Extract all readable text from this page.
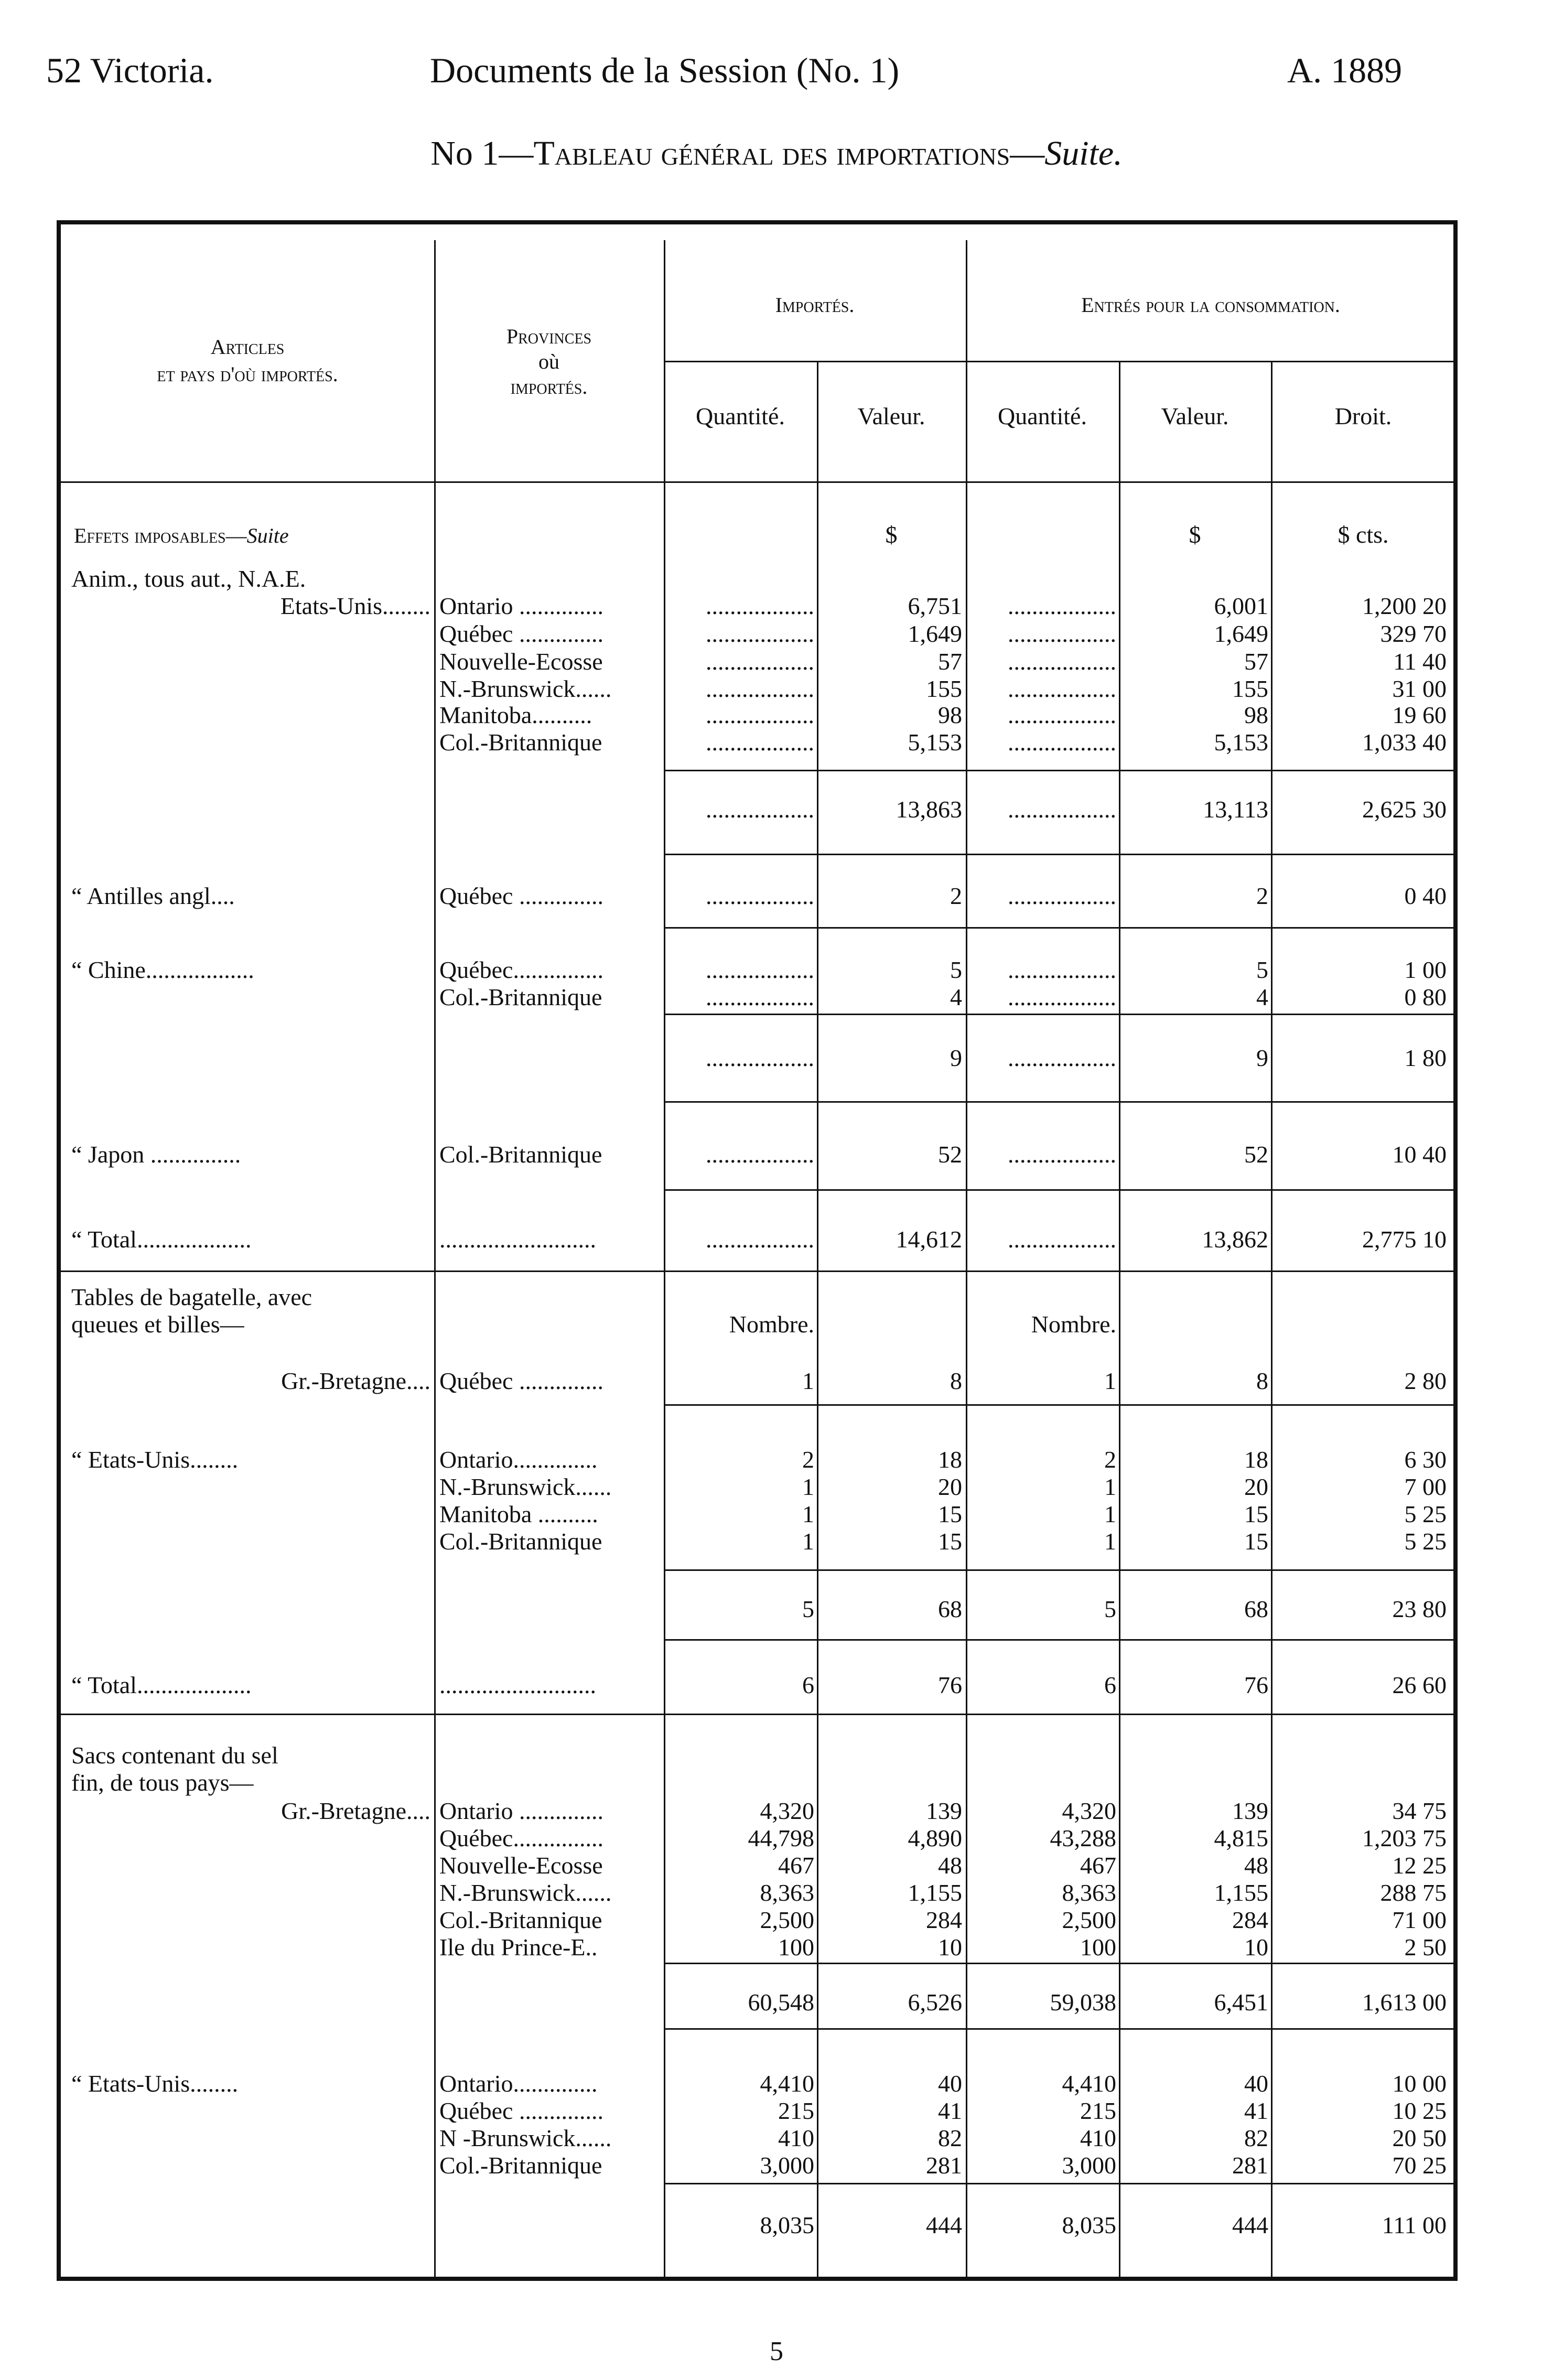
52 Victoria.	Documents de la Session (No. 1)	A. 1889
No 1—Tableau général des importations—Suite.
Articles
et pays d'où importés.
Provinces
où
importés.
Importés.	Entrés pour la consommation.
Quantité.	Valeur.	Quantité.	Valeur.	Droit.
Effets imposables—Suite	$	$	$ cts.
Anim., tous aut., N.A.E.
Etats-Unis........ Ontario ..............	..................	6,751	..................	6,001	1,200 20
Québec ..............	..................	1,649	..................	1,649	329 70
Nouvelle-Ecosse	..................	57	..................	57	11 40
N.-Brunswick......	..................	155	..................	155	31 00
Manitoba..........	..................	98	..................	98	19 60
Col.-Britannique	..................	5,153	..................	5,153	1,033 40
..................	13,863	..................	13,113	2,625 30
“ Antilles angl....	Québec ..............	..................	2	..................	2	0 40
“ Chine..................	Québec...............	..................	5	..................	5	1 00
Col.-Britannique	..................	4	..................	4	0 80
..................	9	..................	9	1 80
“ Japon ...............	Col.-Britannique	..................	52	..................	52	10 40
“ Total...................	..........................	..................	14,612	..................	13,862	2,775 10
Tables de bagatelle, avec
queues et billes—	Nombre.	Nombre.
Gr.-Bretagne.... Québec ..............	1	8	1	8	2 80
“ Etats-Unis........	Ontario..............	2	18	2	18	6 30
N.-Brunswick......	1	20	1	20	7 00
Manitoba ..........	1	15	1	15	5 25
Col.-Britannique	1	15	1	15	5 25
5	68	5	68	23 80
“ Total...................	..........................	6	76	6	76	26 60
Sacs contenant du sel
fin, de tous pays—
Gr.-Bretagne.... Ontario ..............	4,320	139	4,320	139	34 75
Québec...............	44,798	4,890	43,288	4,815	1,203 75
Nouvelle-Ecosse	467	48	467	48	12 25
N.-Brunswick......	8,363	1,155	8,363	1,155	288 75
Col.-Britannique	2,500	284	2,500	284	71 00
Ile du Prince-E..	100	10	100	10	2 50
60,548	6,526	59,038	6,451	1,613 00
“ Etats-Unis........	Ontario..............	4,410	40	4,410	40	10 00
Québec ..............	215	41	215	41	10 25
N -Brunswick......	410	82	410	82	20 50
Col.-Britannique	3,000	281	3,000	281	70 25
8,035	444	8,035	444	111 00
5
